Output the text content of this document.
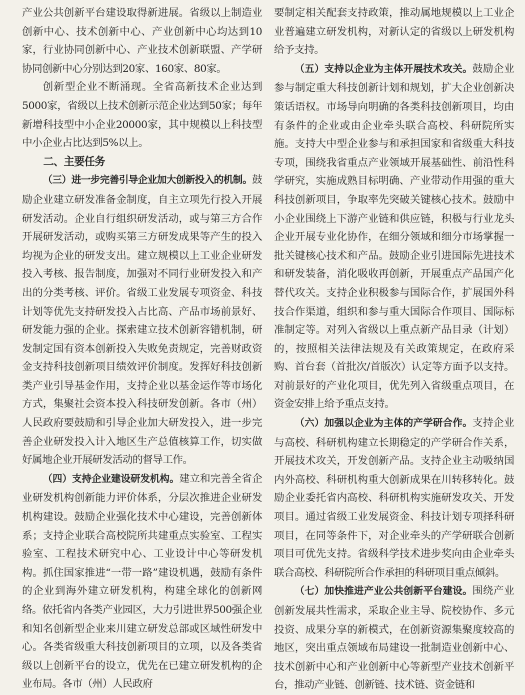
产业公共创新平台建设取得新进展。省级以上制造业创新中心、技术创新中心、产业创新中心均达到10家，行业协同创新中心、产业技术创新联盟、产学研协同创新中心分别达到20家、160家、80家。

创新型企业不断涌现。全省高新技术企业达到5000家，省级以上技术创新示范企业达到50家；每年新增科技型中小企业20000家，其中规模以上科技型中小企业占比达到5%以上。

二、主要任务

（三）进一步完善引导企业加大创新投入的机制。鼓励企业建立研发准备金制度，自主立项先行投入开展研发活动。企业自行组织研发活动，或与第三方合作开展研发活动，或购买第三方研发成果等产生的投入均视为企业的研发支出。建立规模以上工业企业研发投入考核、报告制度，加强对不同行业研发投入和产出的分类考核、评价。省级工业发展专项资金、科技计划等优先支持研发投入占比高、产品市场前景好、研发能力强的企业。探索建立技术创新容错机制，研发制定国有资本创新投入失败免责规定，完善财政资金支持科技创新项目绩效评价制度。发挥好科技创新类产业引导基金作用，支持企业以基金运作等市场化方式，集聚社会资本投入科技研发创新。各市（州）人民政府要鼓励和引导企业加大研发投入，进一步完善企业研发投入计入地区生产总值核算工作，切实做好属地企业开展研发活动的督导工作。

（四）支持企业建设研发机构。建立和完善全省企业研发机构创新能力评价体系，分层次推进企业研发机构建设。鼓励企业强化技术中心建设，完善创新体系；支持企业联合高校院所共建重点实验室、工程实验室、工程技术研究中心、工业设计中心等研发机构。抓住国家推进“一带一路”建设机遇，鼓励有条件的企业到海外建立研发机构，构建全球化的创新网络。依托省内各类产业园区，大力引进世界500强企业和知名创新型企业来川建立研发总部或区域性研发中心。各类省级重大科技创新项目的立项，以及各类省级以上创新平台的设立，优先在已建立研发机构的企业布局。各市（州）人民政府

要制定相关配套支持政策，推动属地规模以上工业企业普遍建立研发机构，对新认定的省级以上研发机构给予支持。

（五）支持以企业为主体开展技术攻关。鼓励企业参与制定重大科技创新计划和规划，扩大企业创新决策话语权。市场导向明确的各类科技创新项目，均由有条件的企业或由企业牵头联合高校、科研院所实施。支持大中型企业参与和承担国家和省级重大科技专项，围绕我省重点产业领域开展基础性、前沿性科学研究，实施成熟目标明确、产业带动作用强的重大科技创新项目，争取率先突破关键核心技术。鼓励中小企业围绕上下游产业链和供应链，积极与行业龙头企业开展专业化协作，在细分领域和细分市场掌握一批关键核心技术和产品。鼓励企业引进国际先进技术和研发装备，消化吸收再创新，开展重点产品国产化替代攻关。支持企业积极参与国际合作，扩展国外科技合作渠道，组织和参与重大国际合作项目、国际标准制定等。对列入省级以上重点新产品目录（计划）的，按照相关法律法规及有关政策规定，在政府采购、首台套（首批次/首版次）认定等方面予以支持。对前景好的产业化项目，优先列入省级重点项目，在资金安排上给予重点支持。

（六）加强以企业为主体的产学研合作。支持企业与高校、科研机构建立长期稳定的产学研合作关系，开展技术攻关，开发创新产品。支持企业主动吸纳国内外高校、科研机构重大创新成果在川转移转化。鼓励企业委托省内高校、科研机构实施研发攻关、开发项目。通过省级工业发展资金、科技计划专项择科研项目，在同等条件下，对企业牵头的产学研联合创新项目可优先支持。省级科学技术进步奖向由企业牵头联合高校、科研院所合作承担的科研项目重点倾斜。

（七）加快推进产业公共创新平台建设。围绕产业创新发展共性需求，采取企业主导、院校协作、多元投资、成果分享的新模式，在创新资源集聚度较高的地区，突出重点领域布局建设一批制造业创新中心、技术创新中心和产业创新中心等新型产业技术创新平台，推动产业链、创新链、技术链、资金链和
